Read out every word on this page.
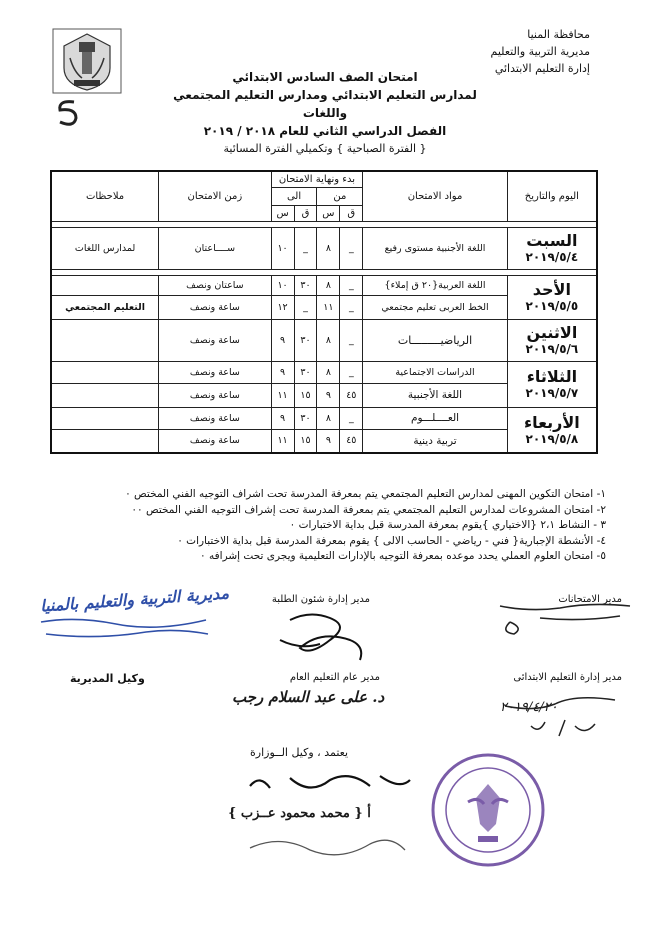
محافظة المنيا
مديرية التربية والتعليم
إدارة التعليم الابتدائي
امتحان الصف السادس الابتدائي
لمدارس التعليم الابتدائي ومدارس التعليم المجتمعي واللغات
الفصل الدراسي الثاني للعام ٢٠١٨ / ٢٠١٩
{ الفترة الصباحية } وتكميلي الفترة المسائية
اليوم والتاريخ	مواد الامتحان	بدء ونهاية الامتحان				زمن الامتحان	ملاحظات
		من		الى			
		ق	س	ق	س		

السبت
٢٠١٩/٥/٤	اللغة الأجنبية مستوى رفيع	_	٨	_	١٠	ســــاعتان	لمدارس اللغات

الأحد
٢٠١٩/٥/٥	اللغة العربية{٢٠ ق إملاء}	_	٨	٣٠	١٠	ساعتان ونصف	
	الخط العربى تعليم مجتمعي	_	١١	_	١٢	ساعة ونصف	التعليم المجتمعي

الاثنين
٢٠١٩/٥/٦	الرياضيـــــــــات	_	٨	٣٠	٩	ساعة ونصف	

الثلاثاء
٢٠١٩/٥/٧	الدراسات الاجتماعية	_	٨	٣٠	٩	ساعة ونصف	
	اللغة الأجنبية	٤٥	٩	١٥	١١	ساعة ونصف	

الأربعاء
٢٠١٩/٥/٨	العــــلـــوم	_	٨	٣٠	٩	ساعة ونصف	
	تربية دينية	٤٥	٩	١٥	١١	ساعة ونصف	
١- امتحان التكوين المهنى لمدارس التعليم المجتمعي يتم بمعرفة المدرسة تحت اشراف التوجيه الفني المختص ٠
٢- امتحان المشروعات لمدارس التعليم المجتمعي يتم بمعرفة المدرسة تحت إشراف التوجيه الفني المختص ٠٠
٣ - النشاط ٢،١ {الاختياري }يقوم بمعرفة المدرسة قبل بداية الاختبارات ٠
٤- الأنشطة الإجبارية{ فني - رياضي - الحاسب الالى } يقوم بمعرفة المدرسة قبل بداية الاختبارات ٠
٥- امتحان العلوم العملي يحدد موعده بمعرفة التوجيه بالإدارات التعليمية ويجرى تحت إشرافه ٠
مدير الامتحانات
مدير إدارة شئون الطلبة
مديرية التربية والتعليم بالمنيا
مدير إدارة التعليم الابتدائى
مدير عام التعليم العام
وكيل المديرية
د. على عبد السلام رجب
٢٠١٩/٤/٢٠
يعتمد ، وكيل الــوزارة
أ { محمد محمود عــزب }
